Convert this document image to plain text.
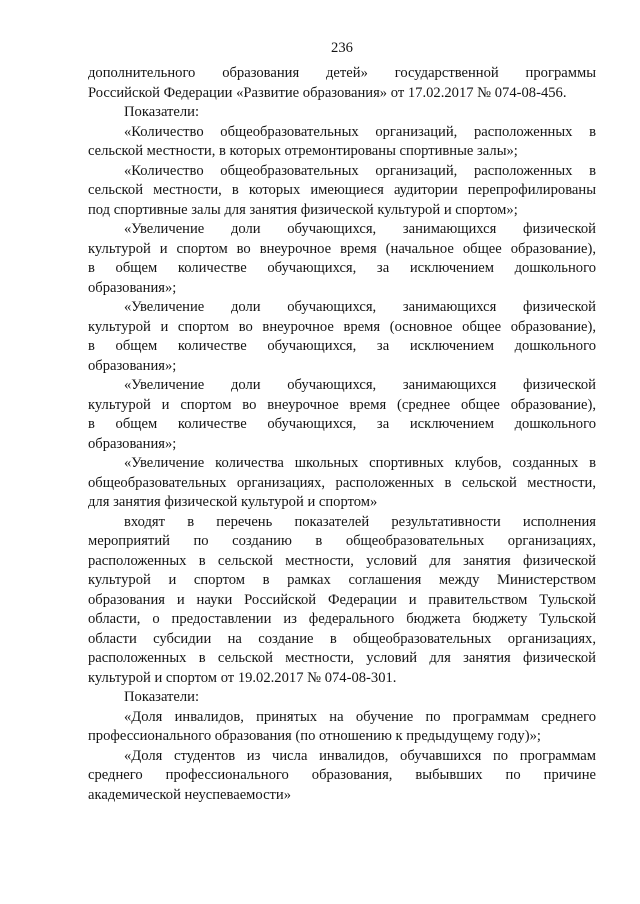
236
дополнительного образования детей» государственной программы
Российской Федерации «Развитие образования» от 17.02.2017 № 074-08-456.
Показатели:
«Количество общеобразовательных организаций, расположенных в
сельской местности, в которых отремонтированы спортивные залы»;
«Количество общеобразовательных организаций, расположенных в
сельской местности, в которых имеющиеся аудитории перепрофилированы
под спортивные залы для занятия физической культурой и спортом»;
«Увеличение доли обучающихся, занимающихся физической
культурой и спортом во внеурочное время (начальное общее образование),
в общем количестве обучающихся, за исключением дошкольного
образования»;
«Увеличение доли обучающихся, занимающихся физической
культурой и спортом во внеурочное время (основное общее образование),
в общем количестве обучающихся, за исключением дошкольного
образования»;
«Увеличение доли обучающихся, занимающихся физической
культурой и спортом во внеурочное время (среднее общее образование),
в общем количестве обучающихся, за исключением дошкольного
образования»;
«Увеличение количества школьных спортивных клубов, созданных в
общеобразовательных организациях, расположенных в сельской местности,
для занятия физической культурой и спортом»
входят в перечень показателей результативности исполнения
мероприятий по созданию в общеобразовательных организациях,
расположенных в сельской местности, условий для занятия физической
культурой и спортом в рамках соглашения между Министерством
образования и науки Российской Федерации и правительством Тульской
области, о предоставлении из федерального бюджета бюджету Тульской
области субсидии на создание в общеобразовательных организациях,
расположенных в сельской местности, условий для занятия физической
культурой и спортом от 19.02.2017 № 074-08-301.
Показатели:
«Доля инвалидов, принятых на обучение по программам среднего
профессионального образования (по отношению к предыдущему году)»;
«Доля студентов из числа инвалидов, обучавшихся по программам
среднего профессионального образования, выбывших по причине
академической неуспеваемости»
